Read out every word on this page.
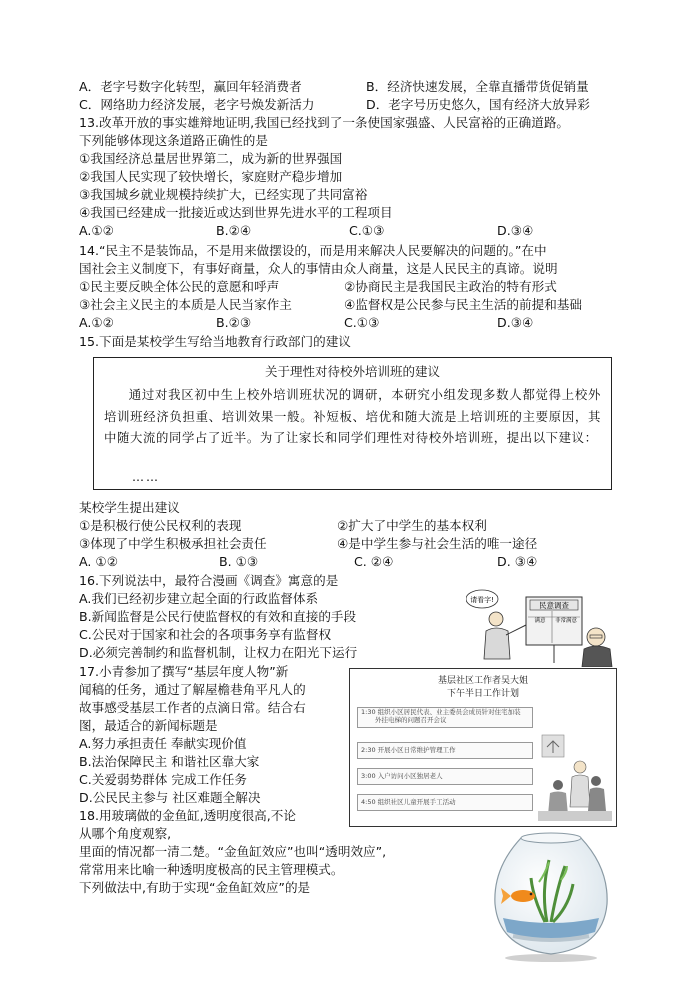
A．老字号数字化转型，赢回年轻消费者	B．经济快速发展，全靠直播带货促销量
C．网络助力经济发展，老字号焕发新活力	D．老字号历史悠久，国有经济大放异彩
13.改革开放的事实雄辩地证明,我国已经找到了一条使国家强盛、人民富裕的正确道路。
下列能够体现这条道路正确性的是
①我国经济总量居世界第二，成为新的世界强国
②我国人民实现了较快增长，家庭财产稳步增加
③我国城乡就业规模持续扩大，已经实现了共同富裕
④我国已经建成一批接近或达到世界先进水平的工程项目
A.①②	B.②④	C.①③	D.③④
14.“民主不是装饰品，不是用来做摆设的，而是用来解决人民要解决的问题的。”在中
国社会主义制度下，有事好商量，众人的事情由众人商量，这是人民民主的真谛。说明
①民主要反映全体公民的意愿和呼声	②协商民主是我国民主政治的特有形式
③社会主义民主的本质是人民当家作主	④监督权是公民参与民主生活的前提和基础
A.①②	B.②③	C.①③	D.③④
15.下面是某校学生写给当地教育行政部门的建议
关于理性对待校外培训班的建议
通过对我区初中生上校外培训班状况的调研，本研究小组发现多数人都觉得上校外培训班经济负担重、培训效果一般。补短板、培优和随大流是上培训班的主要原因，其中随大流的同学占了近半。为了让家长和同学们理性对待校外培训班，提出以下建议：
……
某校学生提出建议
①是积极行使公民权利的表现	②扩大了中学生的基本权利
③体现了中学生积极承担社会责任	④是中学生参与社会生活的唯一途径
A. ①②	B. ①③	C. ②④	D. ③④
16.下列说法中，最符合漫画《调查》寓意的是
A.我们已经初步建立起全面的行政监督体系
B.新闻监督是公民行使监督权的有效和直接的手段
C.公民对于国家和社会的各项事务享有监督权
D.必须完善制约和监督机制，让权力在阳光下运行
请看字!
民意调查
满意 非常满意
17.小青参加了撰写“基层年度人物”新
闻稿的任务，通过了解屋檐巷角平凡人的
故事感受基层工作者的点滴日常。结合右
图，最适合的新闻标题是
A.努力承担责任 奉献实现价值
B.法治保障民主 和谐社区靠大家
C.关爱弱势群体 完成工作任务
D.公民民主参与 社区难题全解决
基层社区工作者吴大姐
下午半日工作计划
1:30 组织小区居民代表、业主委员会成员针对住宅加装
外挂电梯的问题召开会议
2:30 开展小区日常维护管理工作
3:00 入户访问小区独居老人
4:50 组织社区儿童开展手工活动
18.用玻璃做的金鱼缸,透明度很高,不论
从哪个角度观察,
里面的情况都一清二楚。“金鱼缸效应”也叫“透明效应”,
常常用来比喻一种透明度极高的民主管理模式。
下列做法中,有助于实现“金鱼缸效应”的是
